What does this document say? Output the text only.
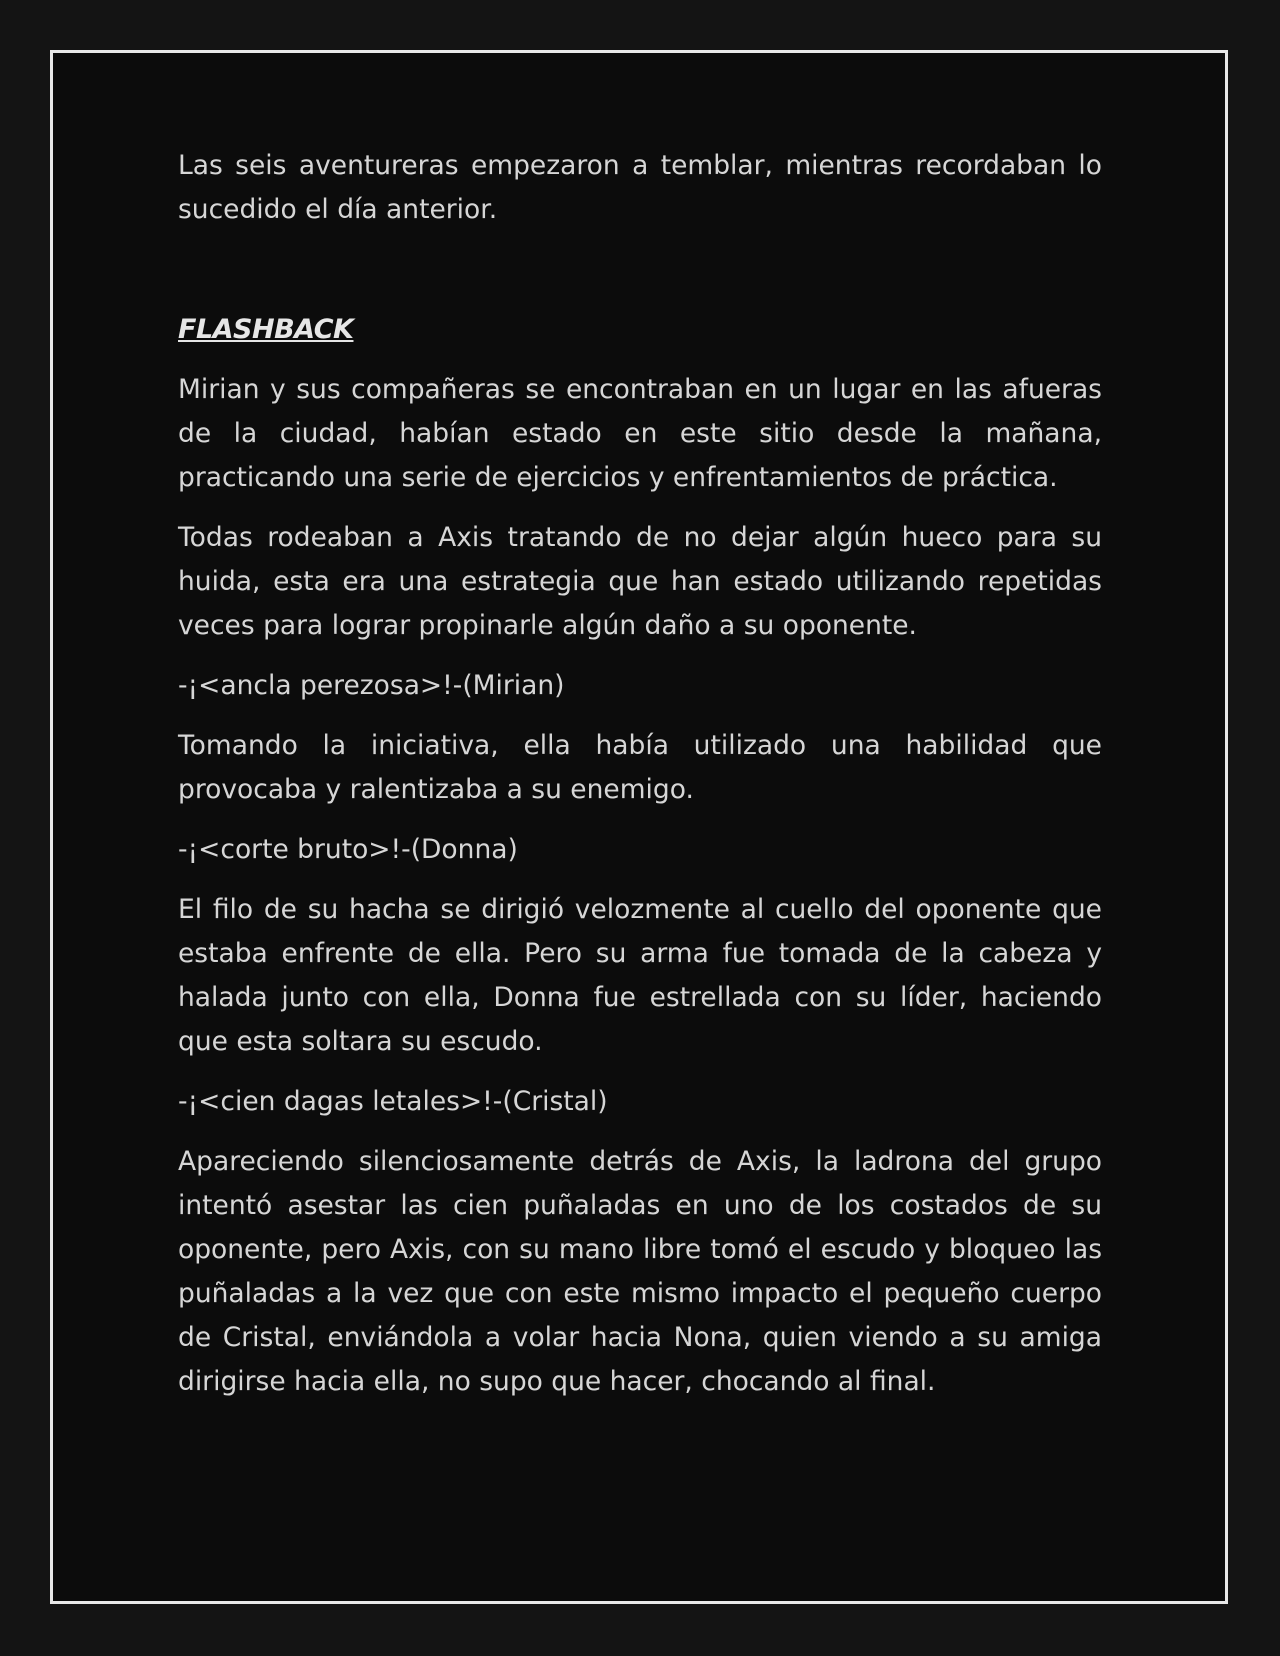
Las seis aventureras empezaron a temblar, mientras recordaban lo sucedido el día anterior.

FLASHBACK

Mirian y sus compañeras se encontraban en un lugar en las afueras de la ciudad, habían estado en este sitio desde la mañana, practicando una serie de ejercicios y enfrentamientos de práctica.

Todas rodeaban a Axis tratando de no dejar algún hueco para su huida, esta era una estrategia que han estado utilizando repetidas veces para lograr propinarle algún daño a su oponente.

-¡<ancla perezosa>!-(Mirian)

Tomando la iniciativa, ella había utilizado una habilidad que provocaba y ralentizaba a su enemigo.

-¡<corte bruto>!-(Donna)

El filo de su hacha se dirigió velozmente al cuello del oponente que estaba enfrente de ella. Pero su arma fue tomada de la cabeza y halada junto con ella, Donna fue estrellada con su líder, haciendo que esta soltara su escudo.

-¡<cien dagas letales>!-(Cristal)

Apareciendo silenciosamente detrás de Axis, la ladrona del grupo intentó asestar las cien puñaladas en uno de los costados de su oponente, pero Axis, con su mano libre tomó el escudo y bloqueo las puñaladas a la vez que con este mismo impacto el pequeño cuerpo de Cristal, enviándola a volar hacia Nona, quien viendo a su amiga dirigirse hacia ella, no supo que hacer, chocando al final.
